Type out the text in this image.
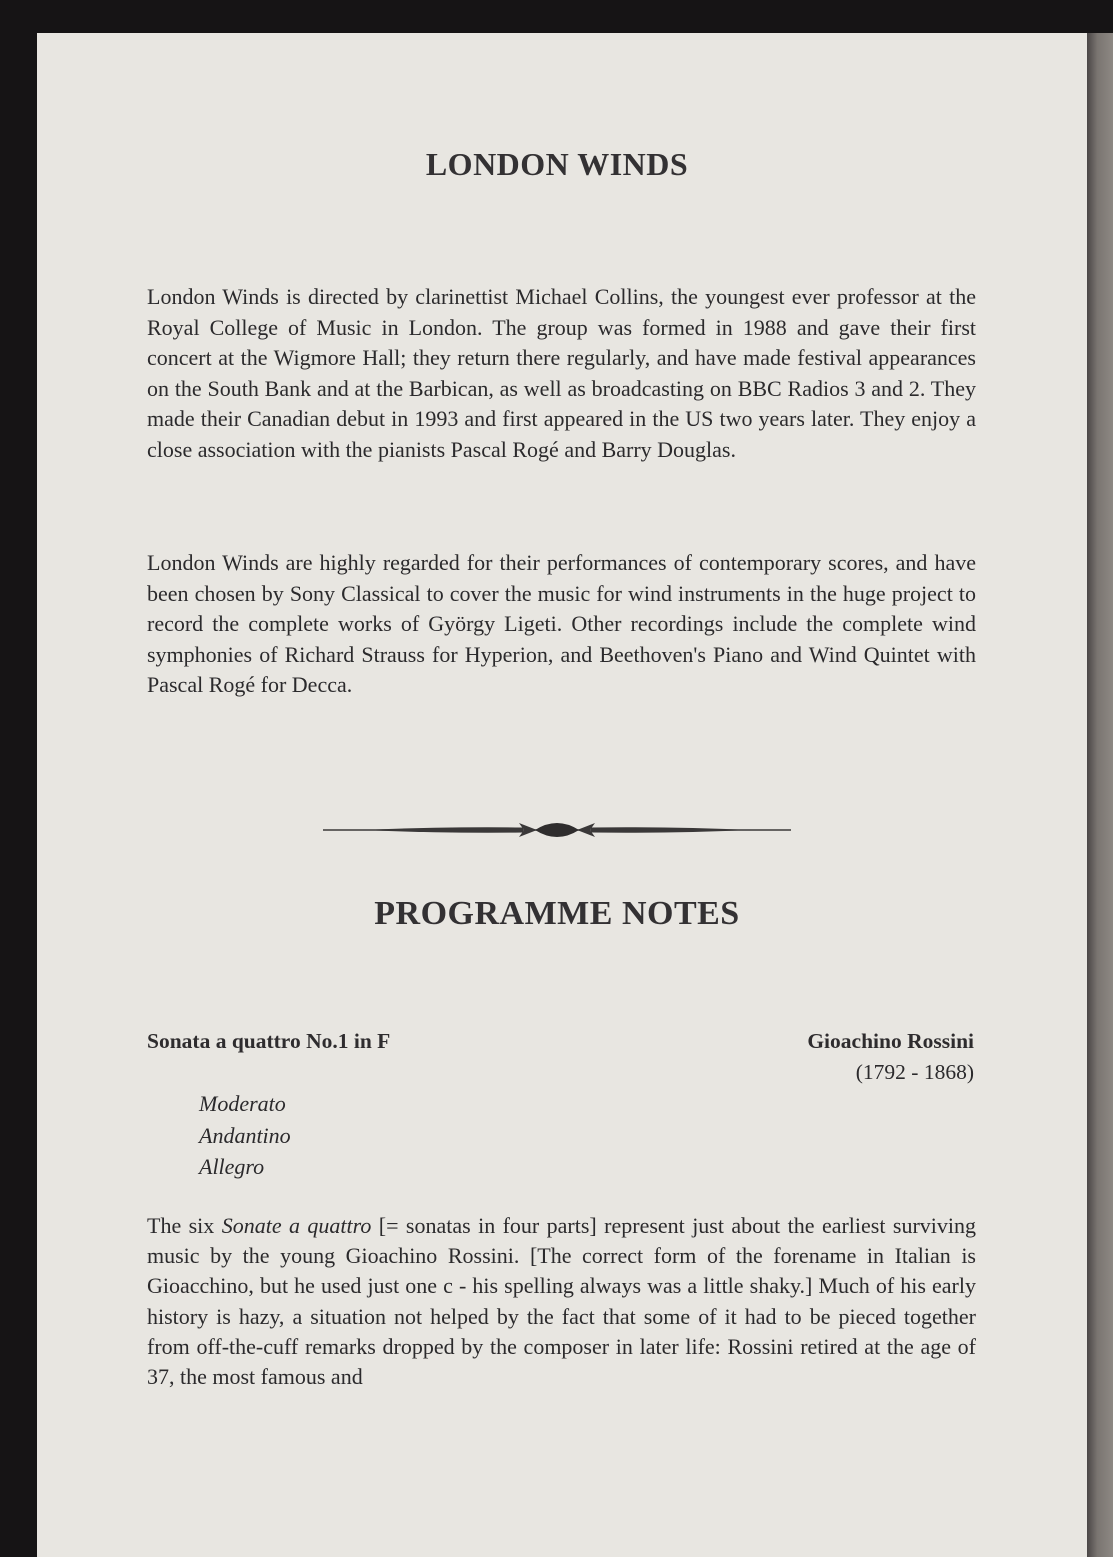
LONDON WINDS

London Winds is directed by clarinettist Michael Collins, the youngest ever professor at the Royal College of Music in London. The group was formed in 1988 and gave their first concert at the Wigmore Hall; they return there regularly, and have made festival appearances on the South Bank and at the Barbican, as well as broadcasting on BBC Radios 3 and 2. They made their Canadian debut in 1993 and first appeared in the US two years later. They enjoy a close association with the pianists Pascal Rogé and Barry Douglas.

London Winds are highly regarded for their performances of contemporary scores, and have been chosen by Sony Classical to cover the music for wind instruments in the huge project to record the complete works of György Ligeti. Other recordings include the complete wind symphonies of Richard Strauss for Hyperion, and Beethoven's Piano and Wind Quintet with Pascal Rogé for Decca.

PROGRAMME NOTES
Sonata a quattro No.1 in F	Gioachino Rossini
(1792 - 1868)
Moderato
Andantino
Allegro

The six Sonate a quattro [= sonatas in four parts] represent just about the earliest surviving music by the young Gioachino Rossini. [The correct form of the forename in Italian is Gioacchino, but he used just one c - his spelling always was a little shaky.] Much of his early history is hazy, a situation not helped by the fact that some of it had to be pieced together from off-the-cuff remarks dropped by the composer in later life: Rossini retired at the age of 37, the most famous and
